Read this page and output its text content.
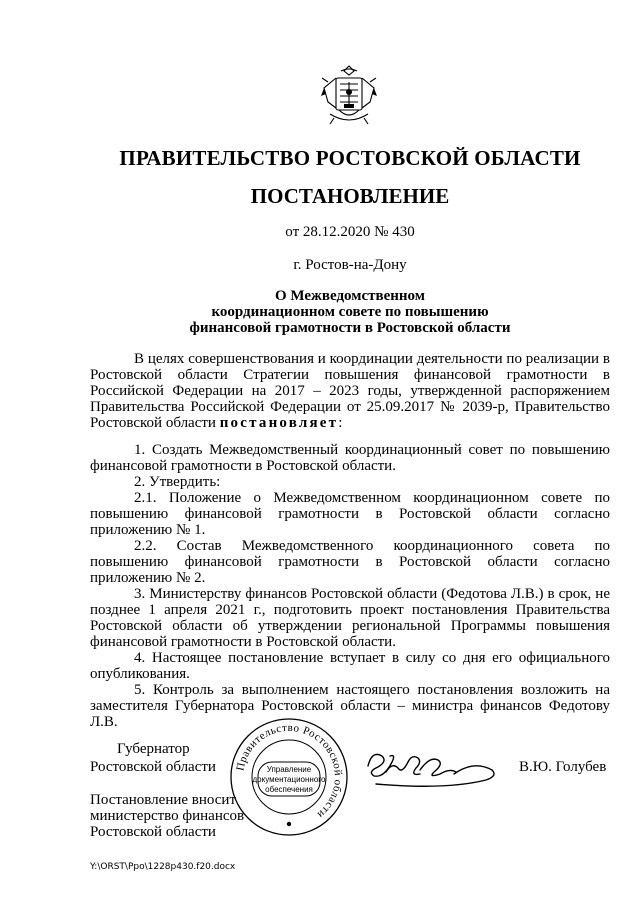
ПРАВИТЕЛЬСТВО РОСТОВСКОЙ ОБЛАСТИ
ПОСТАНОВЛЕНИЕ
от 28.12.2020 № 430
г. Ростов-на-Дону
О Межведомственном
координационном совете по повышению
финансовой грамотности в Ростовской области

В целях совершенствования и координации деятельности по реализации в Ростовской области Стратегии повышения финансовой грамотности в Российской Федерации на 2017 – 2023 годы, утвержденной распоряжением Правительства Российской Федерации от 25.09.2017 № 2039-р, Правительство Ростовской области постановляет:

1. Создать Межведомственный координационный совет по повышению финансовой грамотности в Ростовской области.

2. Утвердить:

2.1. Положение о Межведомственном координационном совете по повышению финансовой грамотности в Ростовской области согласно приложению № 1.

2.2. Состав Межведомственного координационного совета по повышению финансовой грамотности в Ростовской области согласно приложению № 2.

3. Министерству финансов Ростовской области (Федотова Л.В.) в срок, не позднее 1 апреля 2021 г., подготовить проект постановления Правительства Ростовской области об утверждении региональной Программы повышения финансовой грамотности в Ростовской области.

4. Настоящее постановление вступает в силу со дня его официального опубликования.

5. Контроль за выполнением настоящего постановления возложить на заместителя Губернатора Ростовской области – министра финансов Федотову Л.В.

Губернатор
Ростовской области Правительство Ростовской области
Управление
документационного
обеспечения
В.Ю. Голубев
Постановление вносит
министерство финансов
Ростовской области
Y:\ORST\Ppo\1228p430.f20.docx
